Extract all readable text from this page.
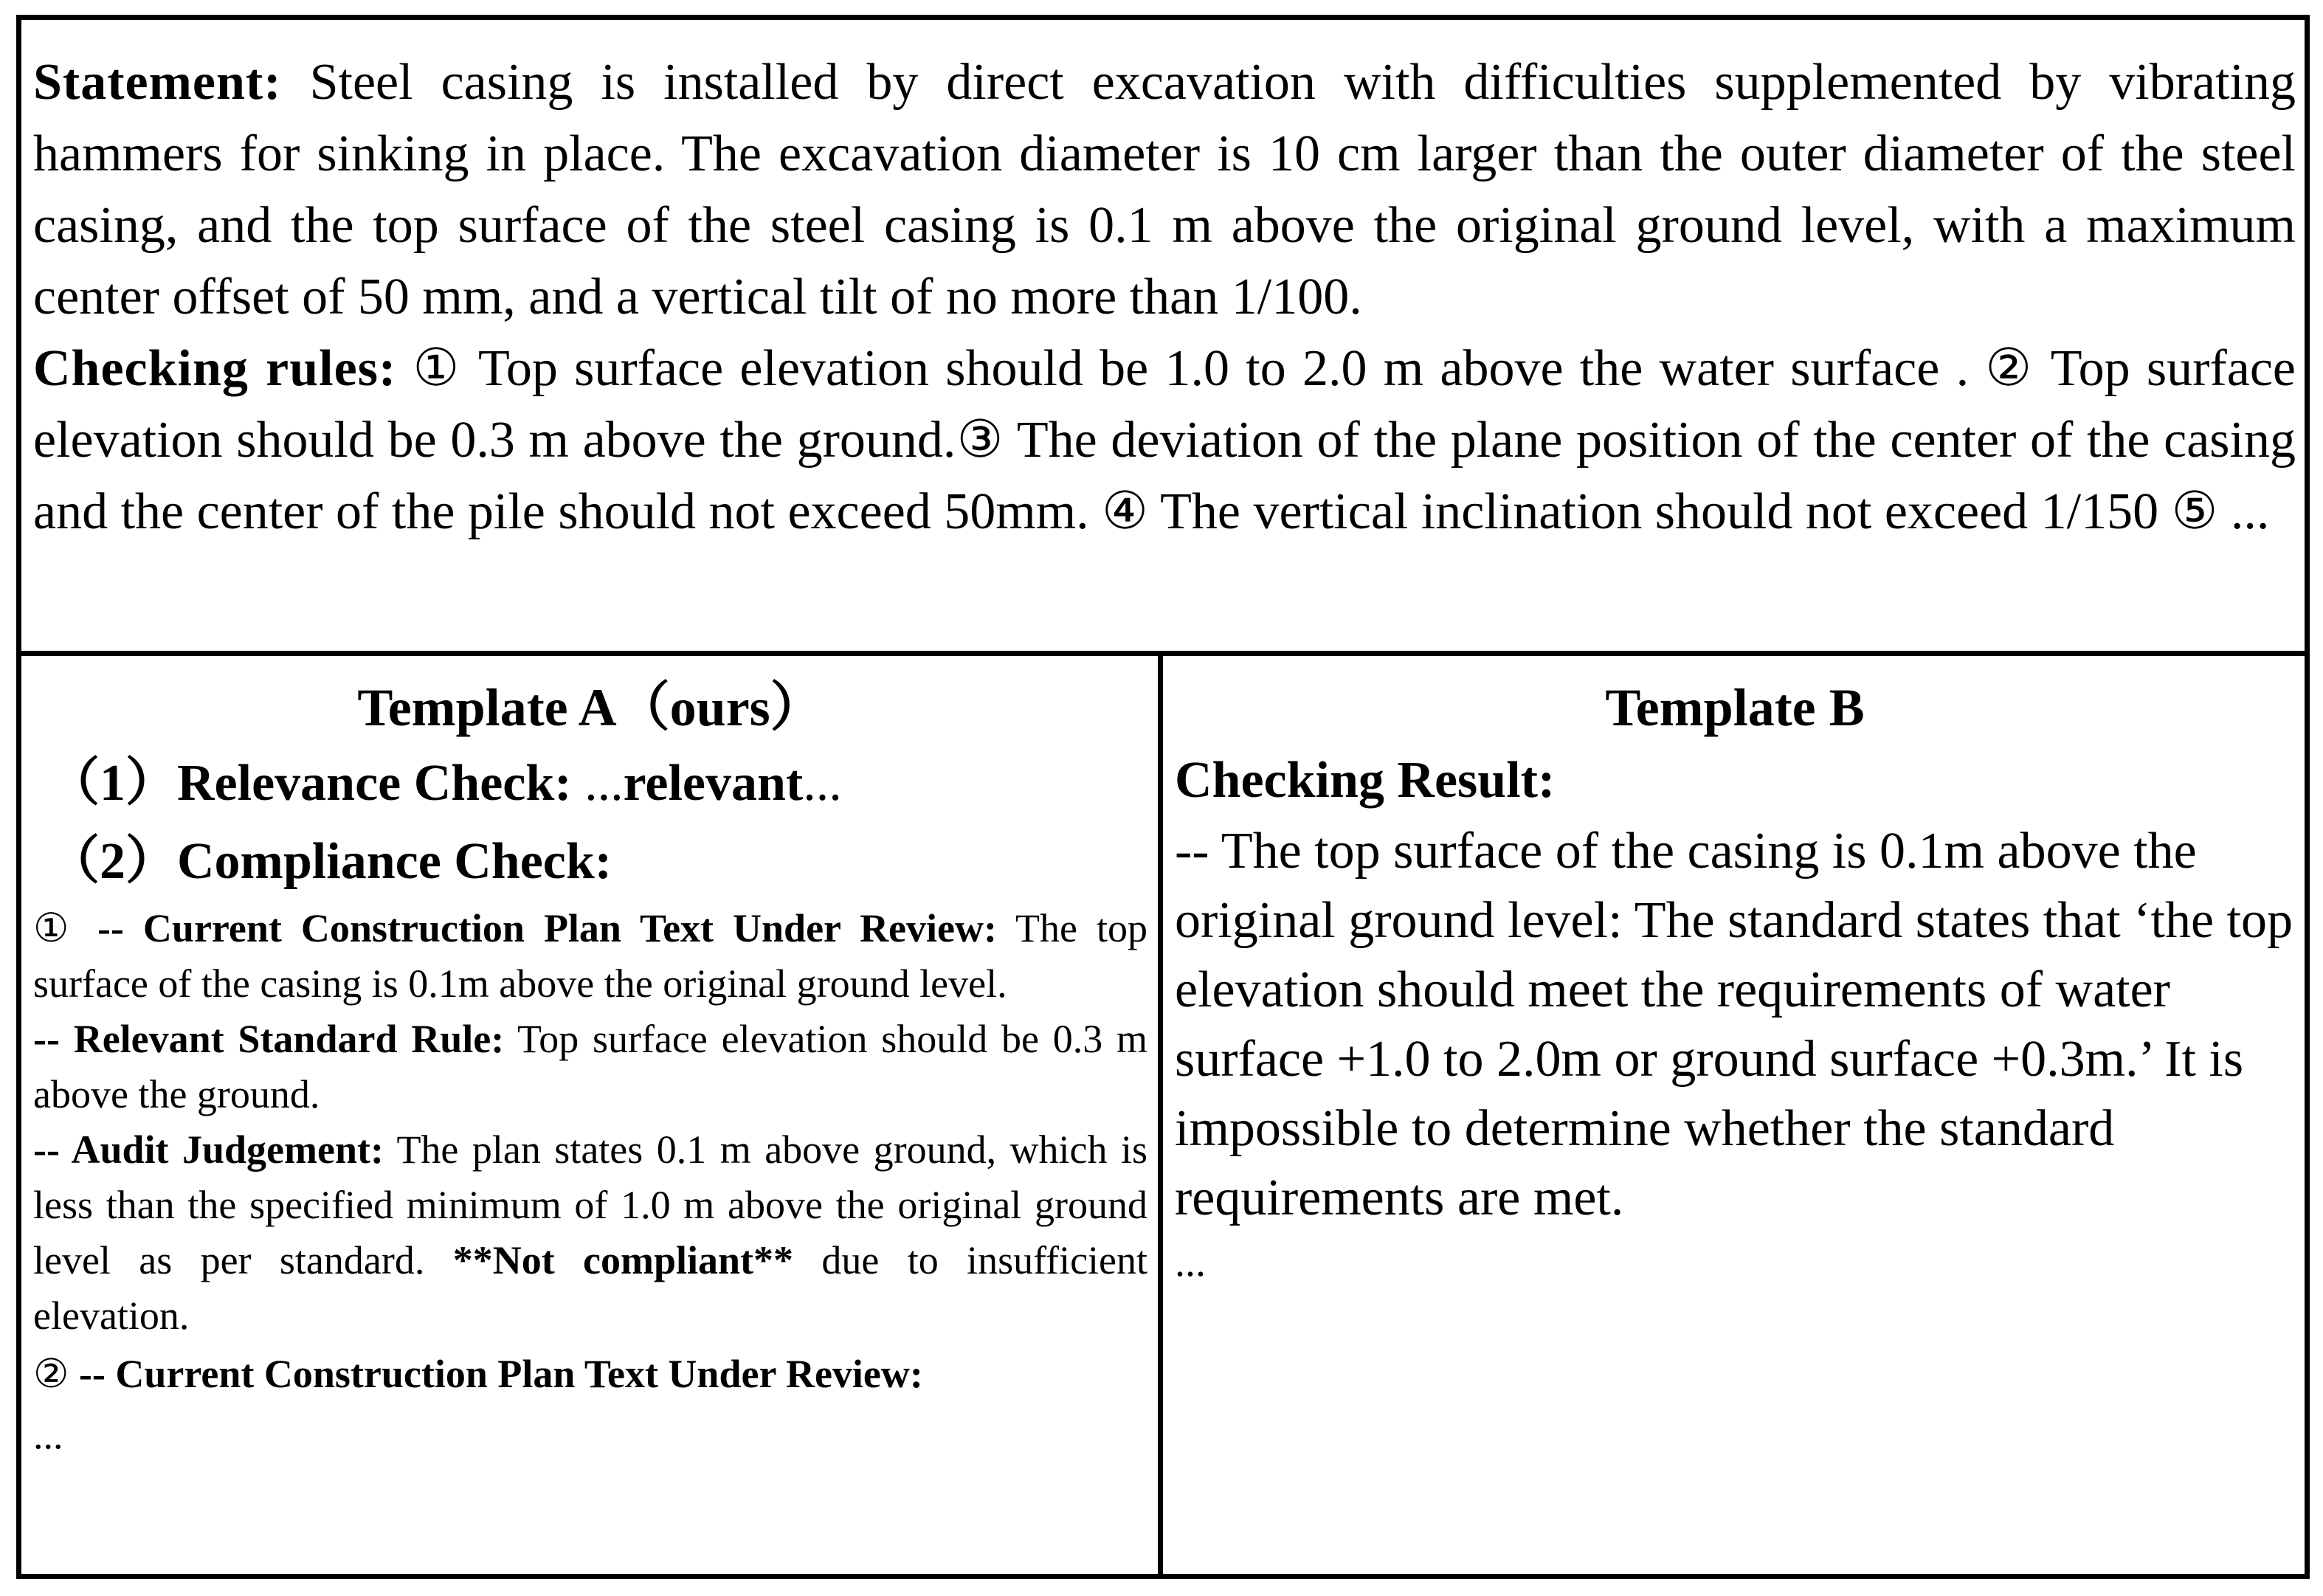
Statement: Steel casing is installed by direct excavation with difficulties supplemented by vibrating hammers for sinking in place. The excavation diameter is 10 cm larger than the outer diameter of the steel casing, and the top surface of the steel casing is 0.1 m above the original ground level, with a maximum center offset of 50 mm, and a vertical tilt of no more than 1/100.

Checking rules: ① Top surface elevation should be 1.0 to 2.0 m above the water surface . ② Top surface elevation should be 0.3 m above the ground.③ The deviation of the plane position of the center of the casing and the center of the pile should not exceed 50mm. ④ The vertical inclination should not exceed 1/150 ⑤ ...

Template A（ours）

（1）Relevance Check: ...relevant...

（2）Compliance Check:

① -- Current Construction Plan Text Under Review: The top surface of the casing is 0.1m above the original ground level.

-- Relevant Standard Rule: Top surface elevation should be 0.3 m above the ground.

-- Audit Judgement: The plan states 0.1 m above ground, which is less than the specified minimum of 1.0 m above the original ground level as per standard. **Not compliant** due to insufficient elevation.

② -- Current Construction Plan Text Under Review:

...

Template B

Checking Result:

-- The top surface of the casing is 0.1m above the original ground level: The standard states that ‘the top elevation should meet the requirements of water surface +1.0 to 2.0m or ground surface +0.3m.’ It is impossible to determine whether the standard requirements are met.

...
